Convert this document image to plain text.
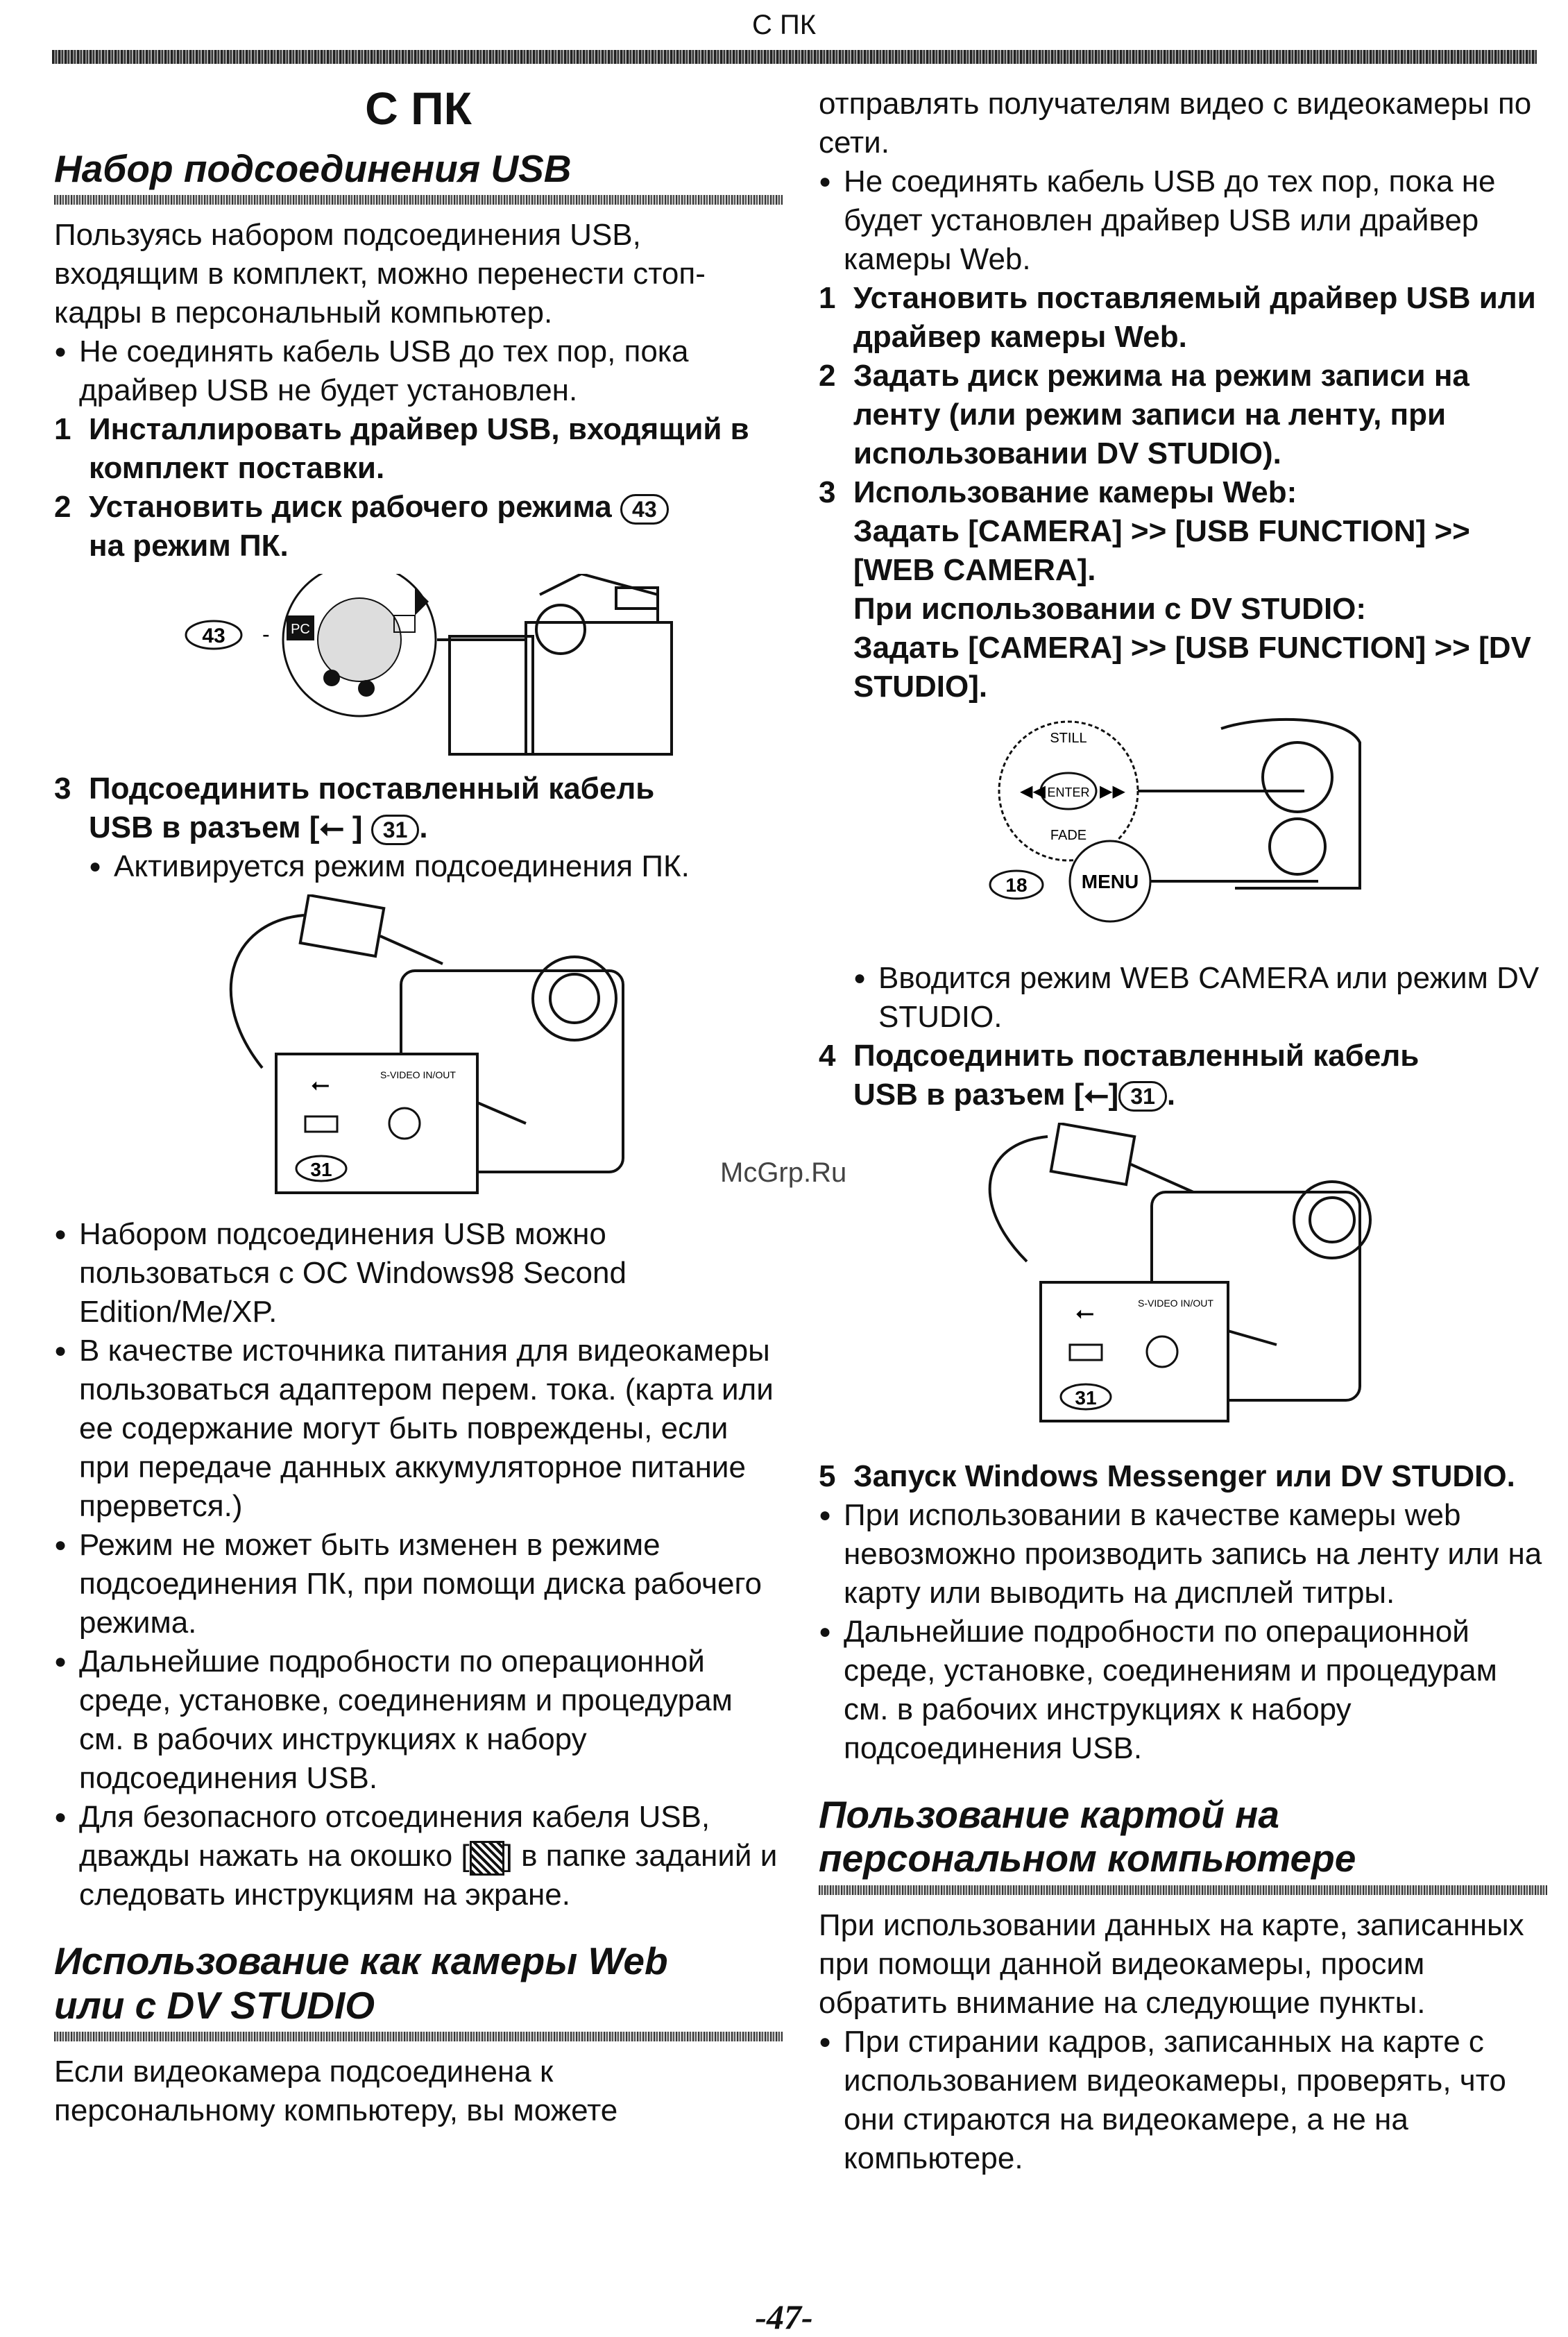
С ПК
С ПК
Набор подсоединения USB

Пользуясь набором подсоединения USB, входящим в комплект, можно перенести стоп-кадры в персональный компьютер.

● Не соединять кабель USB до тех пор, пока драйвер USB не будет установлен.
1 Инсталлировать драйвер USB, входящий в комплект поставки.
2 Установить диск рабочего режима 43
на режим ПК.
43 - PC
3 Подсоединить поставленный кабель
USB в разъем [⭠ ] 31 .
● Активируется режим подсоединения ПК.
⭠	S-VIDEO IN/OUT
31
● Набором подсоединения USB можно пользоваться с ОС Windows98 Second Edition/Me/XP.
● В качестве источника питания для видеокамеры пользоваться адаптером перем. тока. (карта или ее содержание могут быть повреждены, если при передаче данных аккумуляторное питание прервется.)
● Режим не может быть изменен в режиме подсоединения ПК, при помощи диска рабочего режима.
● Дальнейшие подробности по операционной среде, установке, соединениям и процедурам см. в рабочих инструкциях к набору подсоединения USB.
● Для безопасного отсоединения кабеля USB, дважды нажать на окошко [ ] в папке заданий и следовать инструкциям на экране.
Использование как камеры Web
или с DV STUDIO

Если видеокамера подсоединена к персональному компьютеру, вы можете

отправлять получателям видео с видеокамеры по сети.

● Не соединять кабель USB до тех пор, пока не будет установлен драйвер USB или драйвер камеры Web.
1 Установить поставляемый драйвер USB или драйвер камеры Web.
2 Задать диск режима на режим записи на ленту (или режим записи на ленту, при использовании DV STUDIO).
3 Использование камеры Web:
Задать [CAMERA] >> [USB FUNCTION] >> [WEB CAMERA].
При использовании с DV STUDIO:
Задать [CAMERA] >> [USB FUNCTION] >> [DV STUDIO].
STILL
ENTER
FADE
◀◀	▶▶
18	MENU
● Вводится режим WEB CAMERA или режим DV STUDIO.
4 Подсоединить поставленный кабель
USB в разъем [⭠] 31 .
⭠	S-VIDEO IN/OUT
31
5 Запуск Windows Messenger или DV STUDIO.
● При использовании в качестве камеры web невозможно производить запись на ленту или на карту или выводить на дисплей титры.
● Дальнейшие подробности по операционной среде, установке, соединениям и процедурам см. в рабочих инструкциях к набору подсоединения USB.
Пользование картой на
персональном компьютере

При использовании данных на карте, записанных при помощи данной видеокамеры, просим обратить внимание на следующие пункты.

● При стирании кадров, записанных на карте с использованием видеокамеры, проверять, что они стираются на видеокамере, а не на компьютере.
McGrp.Ru
-47-
